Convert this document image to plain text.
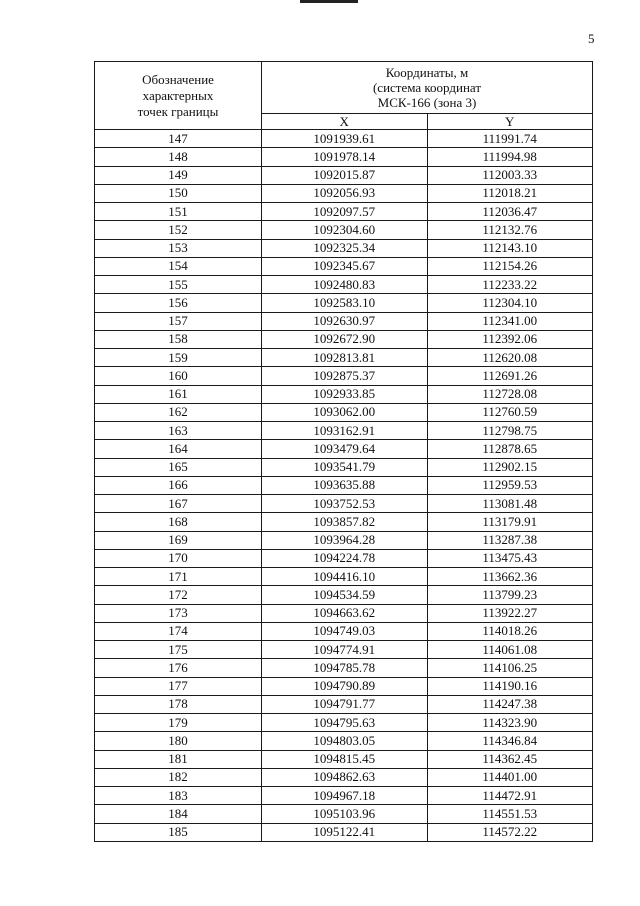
5
Обозначение
характерных
точек границы	Координаты, м
(система координат
МСК-166 (зона 3)	

	X	Y
147	1091939.61	111991.74
148	1091978.14	111994.98
149	1092015.87	112003.33
150	1092056.93	112018.21
151	1092097.57	112036.47
152	1092304.60	112132.76
153	1092325.34	112143.10
154	1092345.67	112154.26
155	1092480.83	112233.22
156	1092583.10	112304.10
157	1092630.97	112341.00
158	1092672.90	112392.06
159	1092813.81	112620.08
160	1092875.37	112691.26
161	1092933.85	112728.08
162	1093062.00	112760.59
163	1093162.91	112798.75
164	1093479.64	112878.65
165	1093541.79	112902.15
166	1093635.88	112959.53
167	1093752.53	113081.48
168	1093857.82	113179.91
169	1093964.28	113287.38
170	1094224.78	113475.43
171	1094416.10	113662.36
172	1094534.59	113799.23
173	1094663.62	113922.27
174	1094749.03	114018.26
175	1094774.91	114061.08
176	1094785.78	114106.25
177	1094790.89	114190.16
178	1094791.77	114247.38
179	1094795.63	114323.90
180	1094803.05	114346.84
181	1094815.45	114362.45
182	1094862.63	114401.00
183	1094967.18	114472.91
184	1095103.96	114551.53
185	1095122.41	114572.22
